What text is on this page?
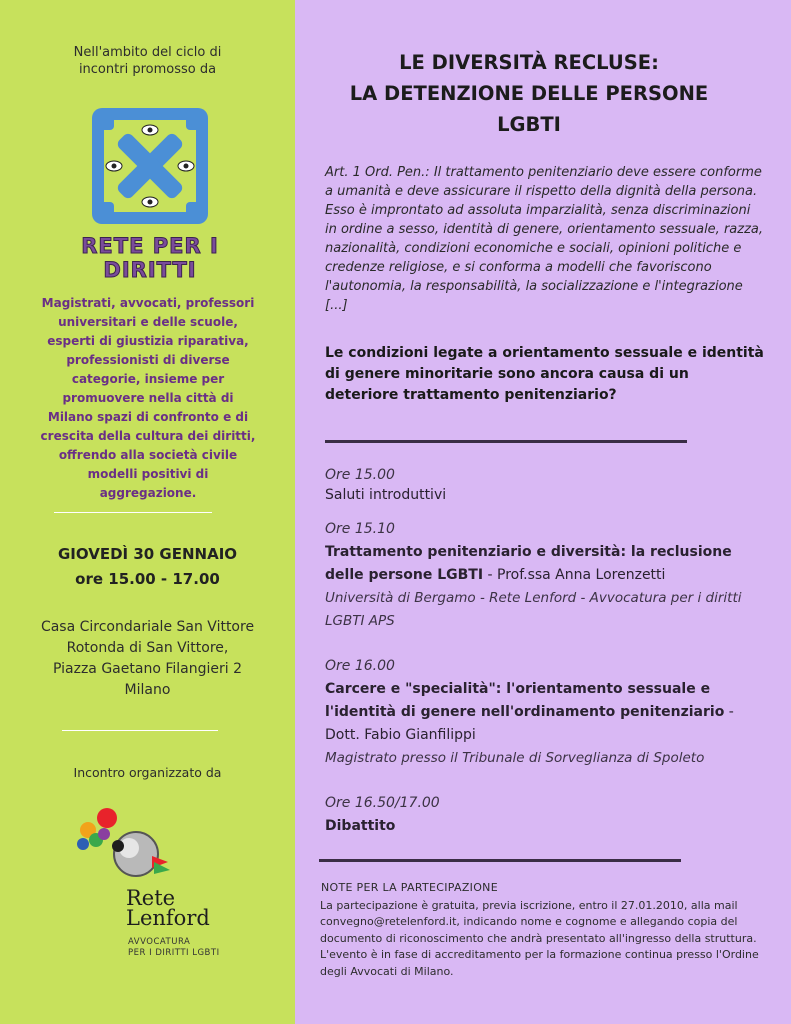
Nell'ambito del ciclo di incontri promosso da
RETE PER I DIRITTI
Magistrati, avvocati, professori universitari e delle scuole, esperti di giustizia riparativa, professionisti di diverse categorie, insieme per promuovere nella città di Milano spazi di confronto e di crescita della cultura dei diritti, offrendo alla società civile modelli positivi di aggregazione.
GIOVEDÌ 30 GENNAIO
ore 15.00 - 17.00
Casa Circondariale San Vittore
Rotonda di San Vittore,
Piazza Gaetano Filangieri 2
Milano
Incontro organizzato da
Rete
Lenford
AVVOCATURA
PER I DIRITTI LGBTI
LE DIVERSITÀ RECLUSE:
LA DETENZIONE DELLE PERSONE
LGBTI
Art. 1 Ord. Pen.: Il trattamento penitenziario deve essere conforme a umanità e deve assicurare il rispetto della dignità della persona. Esso è improntato ad assoluta imparzialità, senza discriminazioni in ordine a sesso, identità di genere, orientamento sessuale, razza, nazionalità, condizioni economiche e sociali, opinioni politiche e credenze religiose, e si conforma a modelli che favoriscono l'autonomia, la responsabilità, la socializzazione e l'integrazione [...]
Le condizioni legate a orientamento sessuale e identità di genere minoritarie sono ancora causa di un deteriore trattamento penitenziario?
Ore 15.00
Saluti introduttivi
Ore 15.10
Trattamento penitenziario e diversità: la reclusione delle persone LGBTI - Prof.ssa Anna Lorenzetti
Università di Bergamo - Rete Lenford - Avvocatura per i diritti LGBTI APS
Ore 16.00
Carcere e "specialità": l'orientamento sessuale e l'identità di genere nell'ordinamento penitenziario - Dott. Fabio Gianfilippi
Magistrato presso il Tribunale di Sorveglianza di Spoleto
Ore 16.50/17.00
Dibattito
NOTE PER LA PARTECIPAZIONE
La partecipazione è gratuita, previa iscrizione, entro il 27.01.2010, alla mail convegno@retelenford.it, indicando nome e cognome e allegando copia del documento di riconoscimento che andrà presentato all'ingresso della struttura. L'evento è in fase di accreditamento per la formazione continua presso l'Ordine degli Avvocati di Milano.
